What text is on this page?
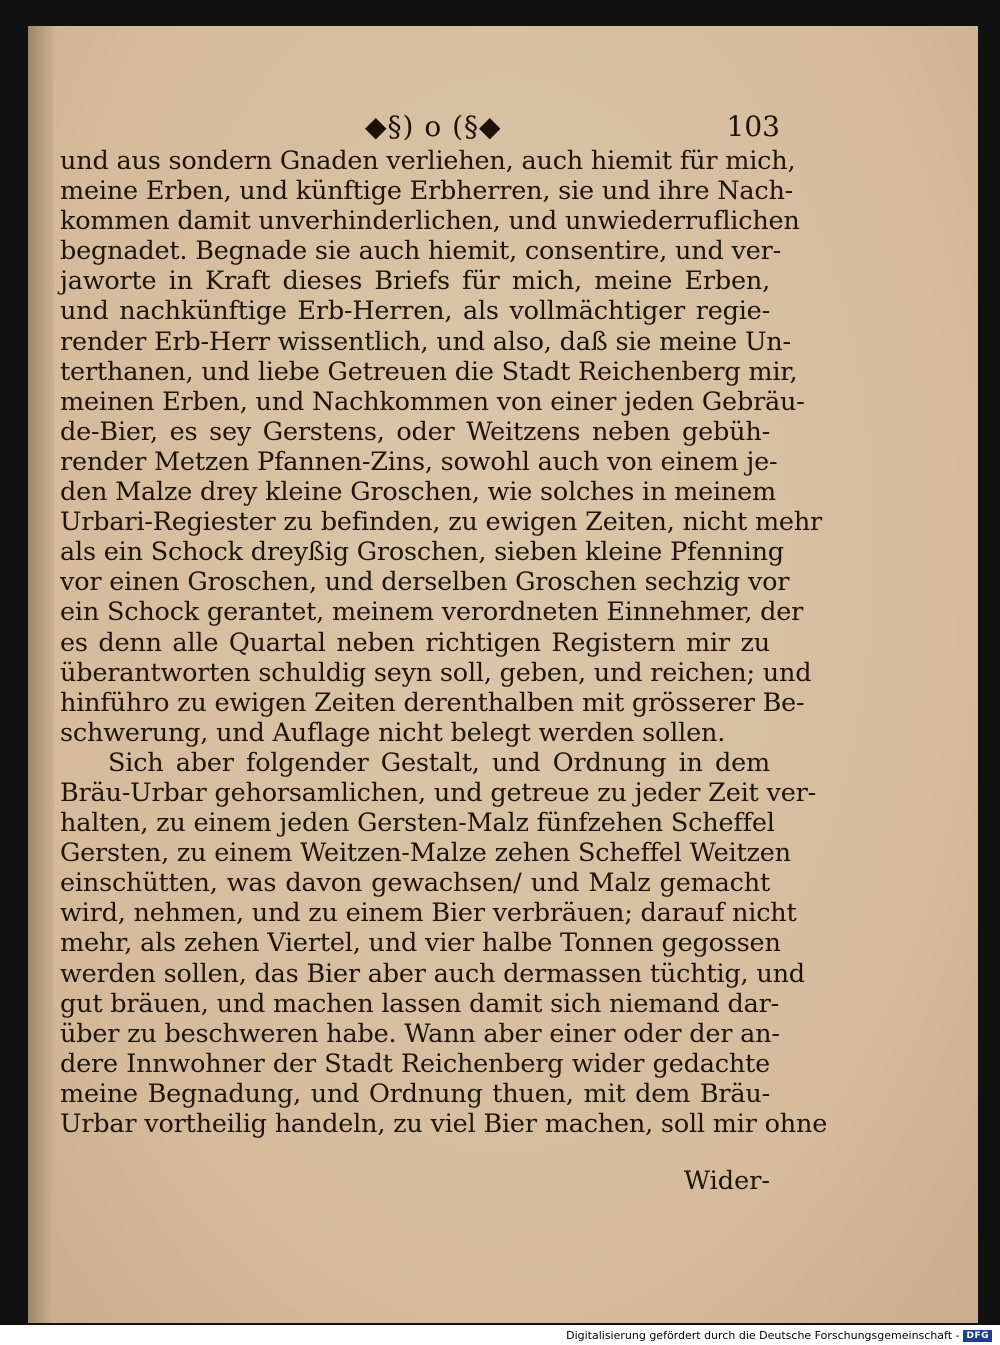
◆§) o (§◆	103
und aus sondern Gnaden verliehen, auch hiemit für mich,
meine Erben, und künftige Erbherren, sie und ihre Nach-
kommen damit unverhinderlichen, und unwiederruflichen
begnadet. Begnade sie auch hiemit, consentire, und ver-
jaworte in Kraft dieses Briefs für mich, meine Erben,
und nachkünftige Erb-Herren, als vollmächtiger regie-
render Erb-Herr wissentlich, und also, daß sie meine Un-
terthanen, und liebe Getreuen die Stadt Reichenberg mir,
meinen Erben, und Nachkommen von einer jeden Gebräu-
de-Bier, es sey Gerstens, oder Weitzens neben gebüh-
render Metzen Pfannen-Zins, sowohl auch von einem je-
den Malze drey kleine Groschen, wie solches in meinem
Urbari-Regiester zu befinden, zu ewigen Zeiten, nicht mehr
als ein Schock dreyßig Groschen, sieben kleine Pfenning
vor einen Groschen, und derselben Groschen sechzig vor
ein Schock gerantet, meinem verordneten Einnehmer, der
es denn alle Quartal neben richtigen Registern mir zu
überantworten schuldig seyn soll, geben, und reichen; und
hinführo zu ewigen Zeiten derenthalben mit grösserer Be-
schwerung, und Auflage nicht belegt werden sollen.
Sich aber folgender Gestalt, und Ordnung in dem
Bräu-Urbar gehorsamlichen, und getreue zu jeder Zeit ver-
halten, zu einem jeden Gersten-Malz fünfzehen Scheffel
Gersten, zu einem Weitzen-Malze zehen Scheffel Weitzen
einschütten, was davon gewachsen/ und Malz gemacht
wird, nehmen, und zu einem Bier verbräuen; darauf nicht
mehr, als zehen Viertel, und vier halbe Tonnen gegossen
werden sollen, das Bier aber auch dermassen tüchtig, und
gut bräuen, und machen lassen damit sich niemand dar-
über zu beschweren habe. Wann aber einer oder der an-
dere Innwohner der Stadt Reichenberg wider gedachte
meine Begnadung, und Ordnung thuen, mit dem Bräu-
Urbar vortheilig handeln, zu viel Bier machen, soll mir ohne
Wider-
Digitalisierung gefördert durch die Deutsche Forschungsgemeinschaft - DFG
